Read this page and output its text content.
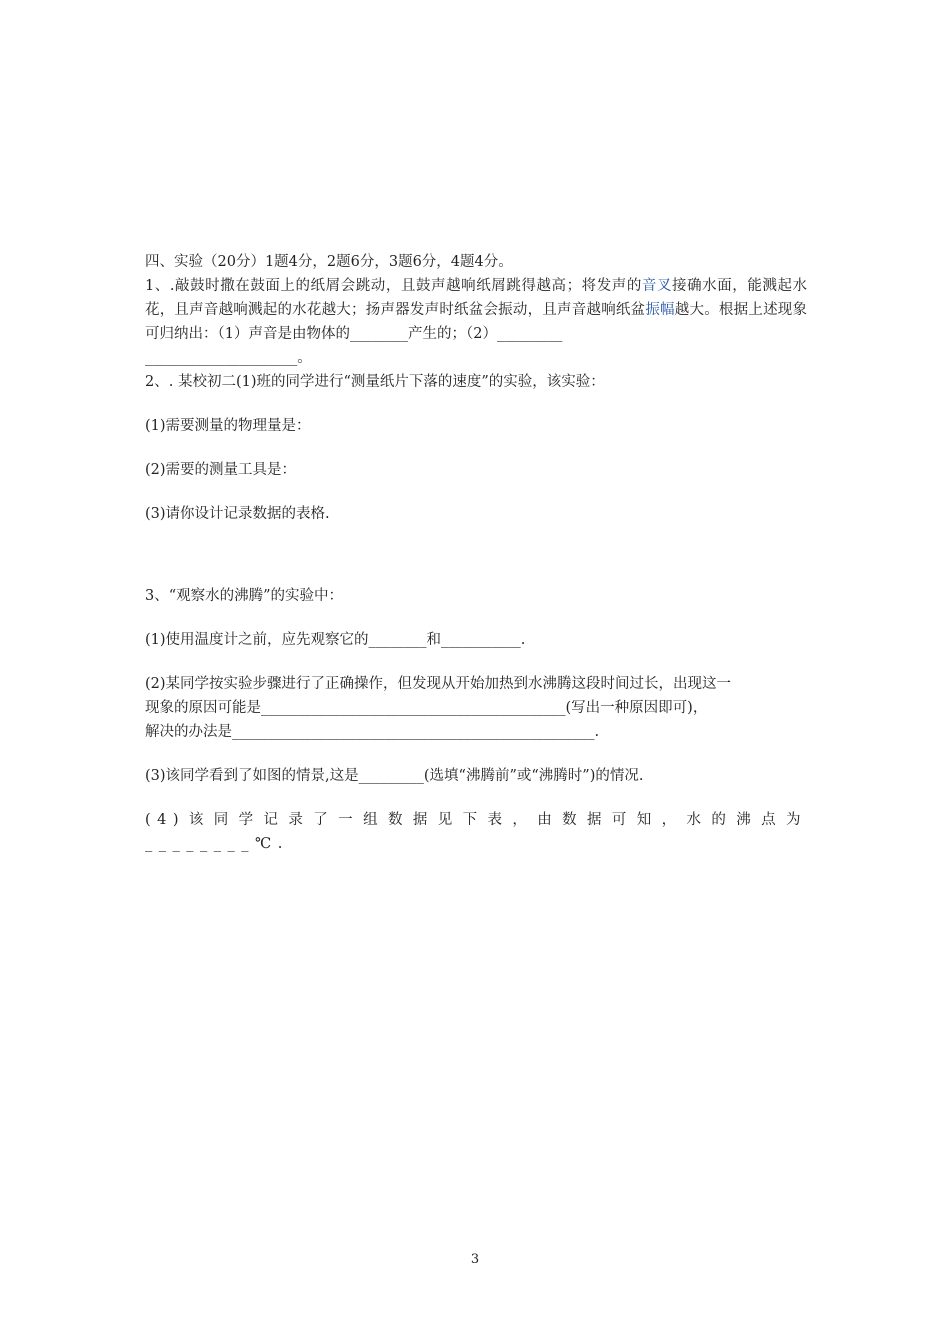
四、实验（20分）1题4分，2题6分，3题6分，4题4分。

1、.敲鼓时撒在鼓面上的纸屑会跳动，且鼓声越响纸屑跳得越高；将发声的音叉接确水面，能溅起水花，且声音越响溅起的水花越大；扬声器发声时纸盆会振动，且声音越响纸盆振幅越大。根据上述现象可归纳出：（1）声音是由物体的________产生的；（2）_________

_____________________。

2、. 某校初二(1)班的同学进行“测量纸片下落的速度”的实验，该实验：

(1)需要测量的物理量是：

(2)需要的测量工具是：

(3)请你设计记录数据的表格.

3、“观察水的沸腾”的实验中：

(1)使用温度计之前，应先观察它的________和___________.

(2)某同学按实验步骤进行了正确操作，但发现从开始加热到水沸腾这段时间过长，出现这一

现象的原因可能是__________________________________________(写出一种原因即可)，

解决的办法是__________________________________________________.

(3)该同学看到了如图的情景,这是_________(选填“沸腾前”或“沸腾时”)的情况.

(4)该同学记录了一组数据见下表，由数据可知，水的沸点为________℃.

3
